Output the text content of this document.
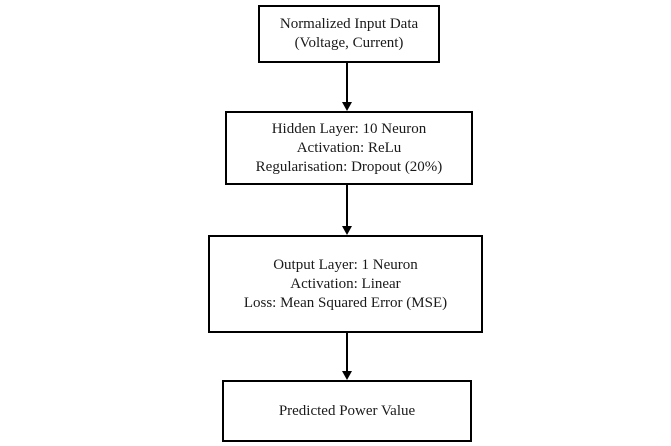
Normalized Input Data
(Voltage, Current)
Hidden Layer: 10 Neuron
Activation: ReLu
Regularisation: Dropout (20%)
Output Layer: 1 Neuron
Activation: Linear
Loss: Mean Squared Error (MSE)
Predicted Power Value
